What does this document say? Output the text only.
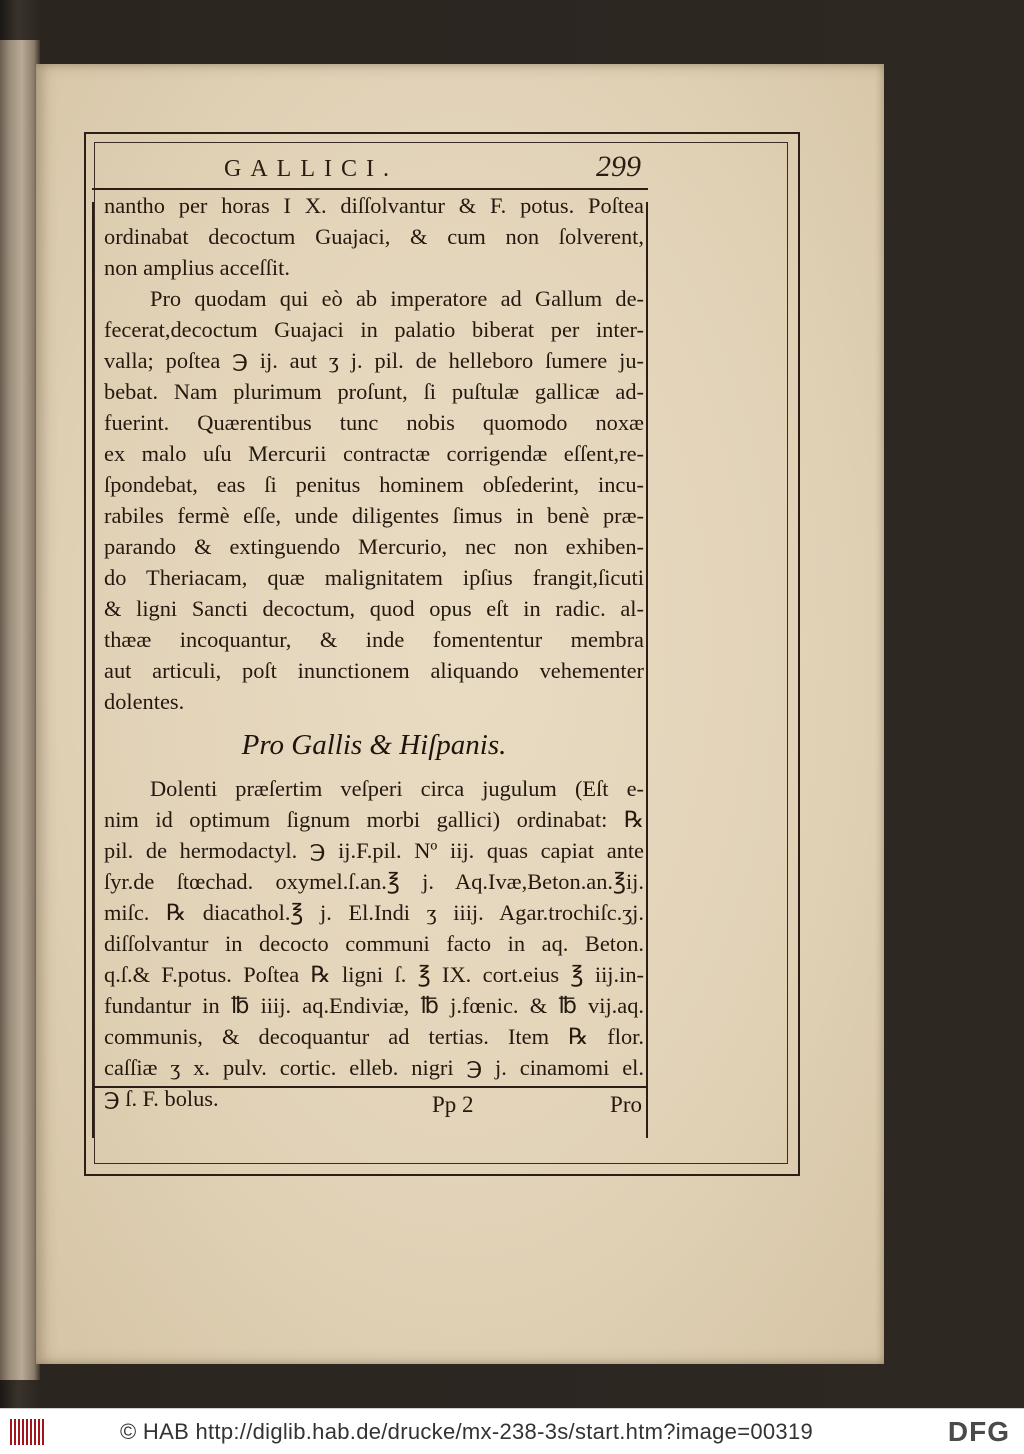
GALLICI.	299
nantho per horas I X. diſſolvantur & F. potus. Poſtea
ordinabat decoctum Guajaci, & cum non ſolverent,
non amplius acceſſit.
Pro quodam qui eò ab imperatore ad Gallum de-
fecerat,decoctum Guajaci in palatio biberat per inter-
valla; poſtea ℈ ij. aut ʒ j. pil. de helleboro ſumere ju-
bebat. Nam plurimum proſunt, ſi puſtulæ gallicæ ad-
fuerint. Quærentibus tunc nobis quomodo noxæ
ex malo uſu Mercurii contractæ corrigendæ eſſent,re-
ſpondebat, eas ſi penitus hominem obſederint, incu-
rabiles fermè eſſe, unde diligentes ſimus in benè præ-
parando & extinguendo Mercurio, nec non exhiben-
do Theriacam, quæ malignitatem ipſius frangit,ſicuti
& ligni Sancti decoctum, quod opus eſt in radic. al-
thææ incoquantur, & inde fomententur membra
aut articuli, poſt inunctionem aliquando vehementer
dolentes.
Pro Gallis & Hiſpanis.
Dolenti præſertim veſperi circa jugulum (Eſt e-
nim id optimum ſignum morbi gallici) ordinabat: ℞
pil. de hermodactyl. ℈ ij.F.pil. Nº iij. quas capiat ante
ſyr.de ſtœchad. oxymel.ſ.an.℥ j. Aq.Ivæ,Beton.an.℥ij.
miſc. ℞ diacathol.℥ j. El.Indi ʒ iiij. Agar.trochiſc.ʒj.
diſſolvantur in decocto communi facto in aq. Beton.
q.ſ.& F.potus. Poſtea ℞ ligni ſ. ℥ IX. cort.eius ℥ iij.in-
fundantur in ℔ iiij. aq.Endiviæ, ℔ j.fœnic. & ℔ vij.aq.
communis, & decoquantur ad tertias. Item ℞ flor.
caſſiæ ʒ x. pulv. cortic. elleb. nigri ℈ j. cinamomi el.
℈ ſ. F. bolus.	Pp 2	Pro
© HAB http://diglib.hab.de/drucke/mx-238-3s/start.htm?image=00319	DFG
